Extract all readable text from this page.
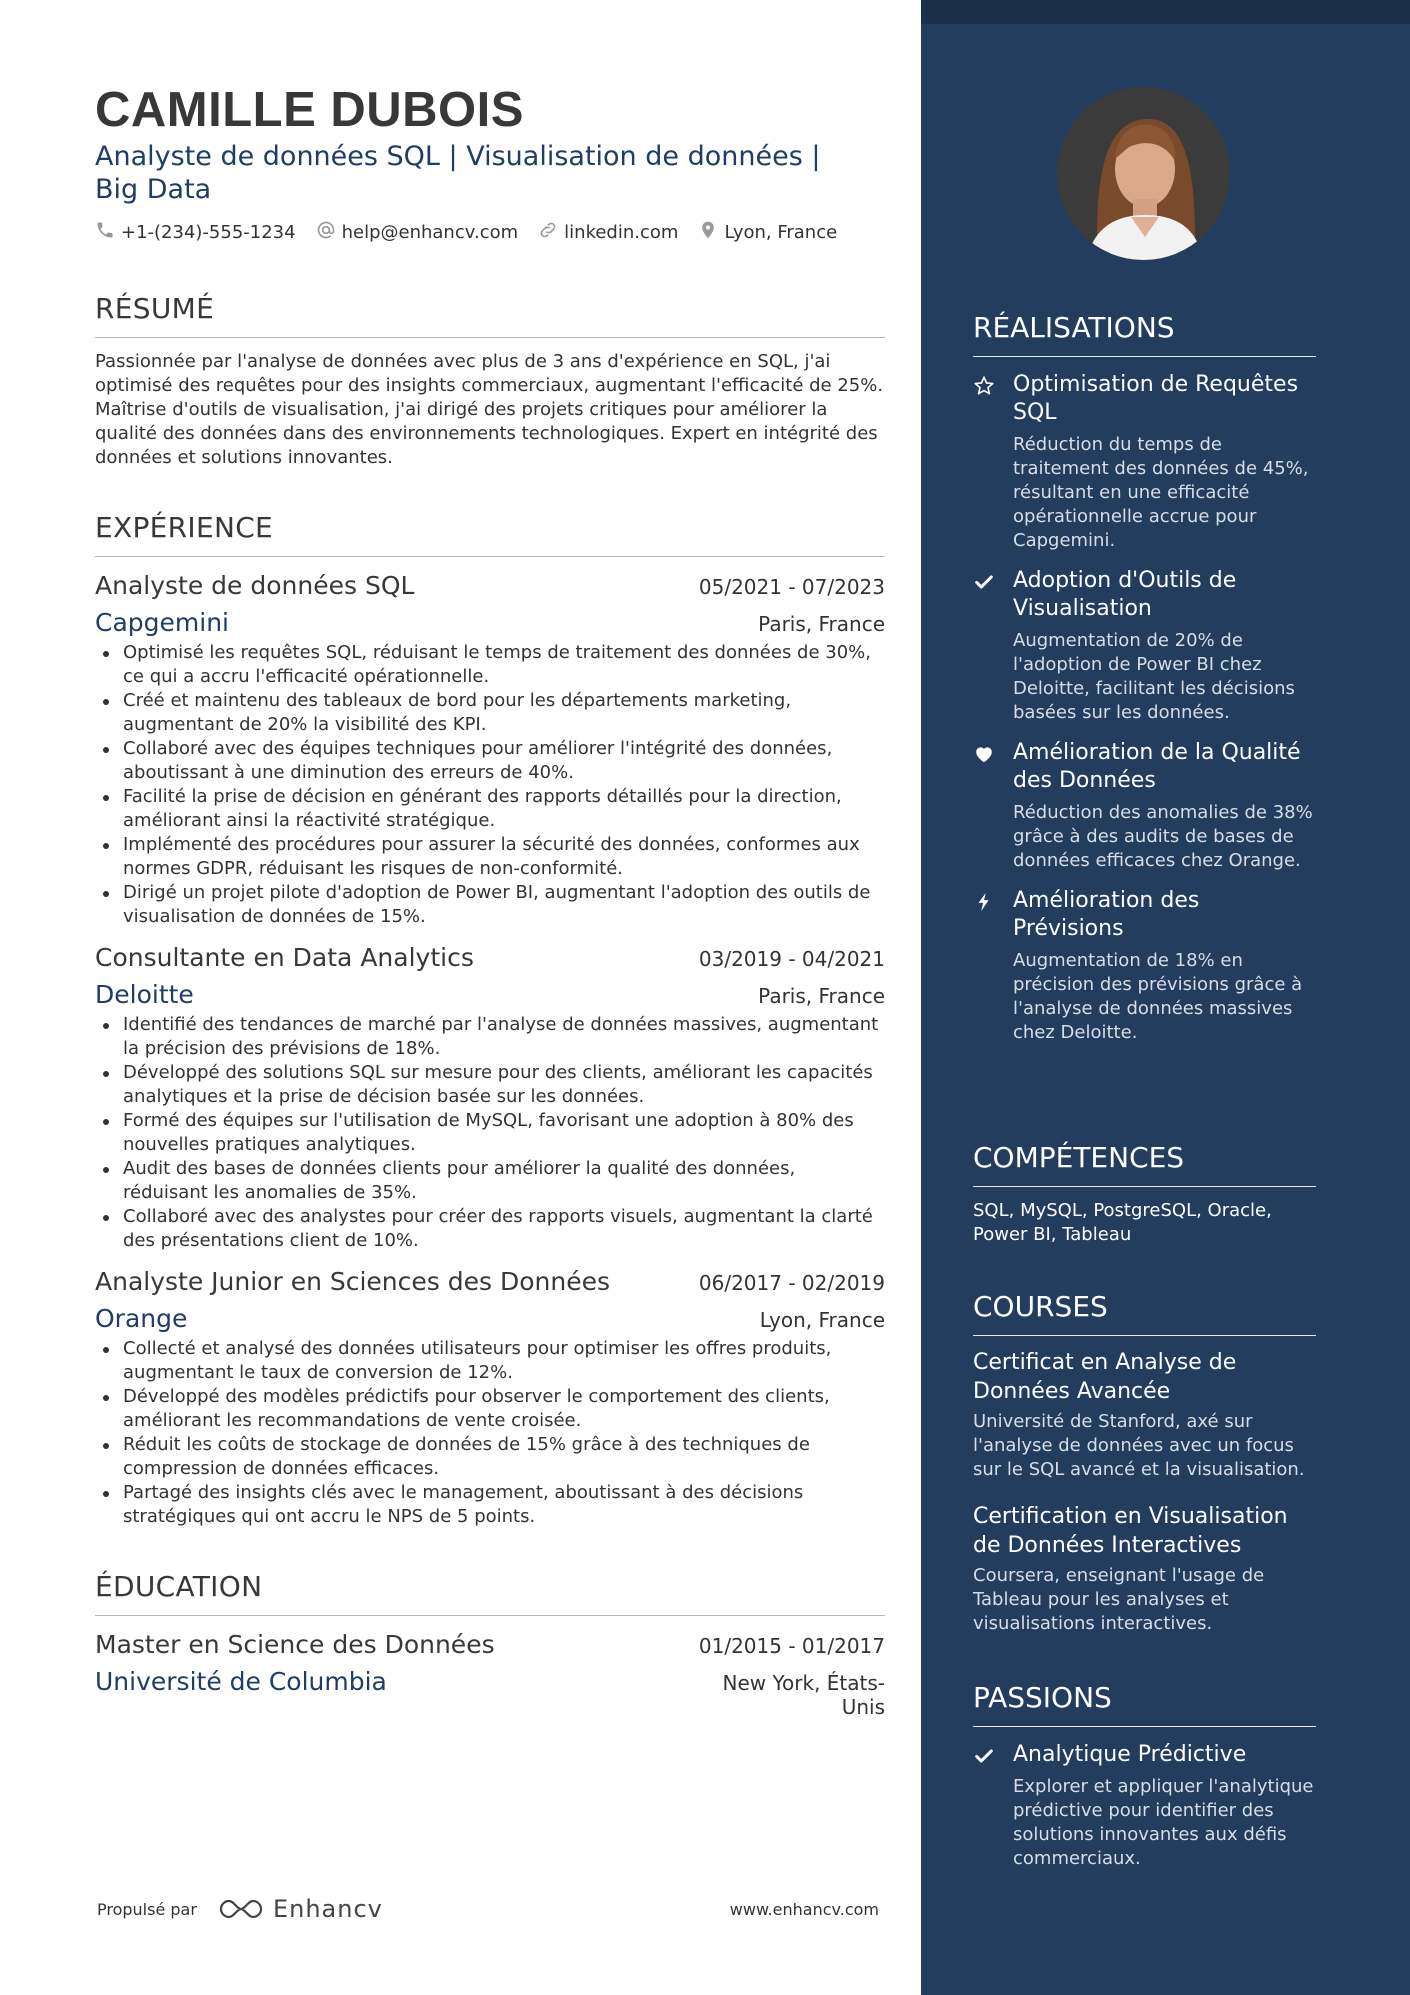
CAMILLE DUBOIS
Analyste de données SQL | Visualisation de données | Big Data
+1-(234)-555-1234	help@enhancv.com	linkedin.com	Lyon, France
RÉSUMÉ
Passionnée par l'analyse de données avec plus de 3 ans d'expérience en SQL, j'ai optimisé des requêtes pour des insights commerciaux, augmentant l'efficacité de 25%. Maîtrise d'outils de visualisation, j'ai dirigé des projets critiques pour améliorer la qualité des données dans des environnements technologiques. Expert en intégrité des données et solutions innovantes.
EXPÉRIENCE
Analyste de données SQL	05/2021 - 07/2023
Capgemini	Paris, France
Optimisé les requêtes SQL, réduisant le temps de traitement des données de 30%, ce qui a accru l'efficacité opérationnelle.
Créé et maintenu des tableaux de bord pour les départements marketing, augmentant de 20% la visibilité des KPI.
Collaboré avec des équipes techniques pour améliorer l'intégrité des données, aboutissant à une diminution des erreurs de 40%.
Facilité la prise de décision en générant des rapports détaillés pour la direction, améliorant ainsi la réactivité stratégique.
Implémenté des procédures pour assurer la sécurité des données, conformes aux normes GDPR, réduisant les risques de non-conformité.
Dirigé un projet pilote d'adoption de Power BI, augmentant l'adoption des outils de visualisation de données de 15%.
Consultante en Data Analytics	03/2019 - 04/2021
Deloitte	Paris, France
Identifié des tendances de marché par l'analyse de données massives, augmentant la précision des prévisions de 18%.
Développé des solutions SQL sur mesure pour des clients, améliorant les capacités analytiques et la prise de décision basée sur les données.
Formé des équipes sur l'utilisation de MySQL, favorisant une adoption à 80% des nouvelles pratiques analytiques.
Audit des bases de données clients pour améliorer la qualité des données, réduisant les anomalies de 35%.
Collaboré avec des analystes pour créer des rapports visuels, augmentant la clarté des présentations client de 10%.
Analyste Junior en Sciences des Données	06/2017 - 02/2019
Orange	Lyon, France
Collecté et analysé des données utilisateurs pour optimiser les offres produits, augmentant le taux de conversion de 12%.
Développé des modèles prédictifs pour observer le comportement des clients, améliorant les recommandations de vente croisée.
Réduit les coûts de stockage de données de 15% grâce à des techniques de compression de données efficaces.
Partagé des insights clés avec le management, aboutissant à des décisions stratégiques qui ont accru le NPS de 5 points.
ÉDUCATION
Master en Science des Données	01/2015 - 01/2017
Université de Columbia	New York, États-
Unis
Propulsé par	Enhancv	www.enhancv.com
RÉALISATIONS
Optimisation de Requêtes SQL
Réduction du temps de traitement des données de 45%, résultant en une efficacité opérationnelle accrue pour Capgemini.
Adoption d'Outils de Visualisation
Augmentation de 20% de l'adoption de Power BI chez Deloitte, facilitant les décisions basées sur les données.
Amélioration de la Qualité des Données
Réduction des anomalies de 38% grâce à des audits de bases de données efficaces chez Orange.
Amélioration des Prévisions
Augmentation de 18% en précision des prévisions grâce à l'analyse de données massives chez Deloitte.
COMPÉTENCES
SQL, MySQL, PostgreSQL, Oracle, Power BI, Tableau
COURSES
Certificat en Analyse de Données Avancée
Université de Stanford, axé sur l'analyse de données avec un focus sur le SQL avancé et la visualisation.
Certification en Visualisation de Données Interactives
Coursera, enseignant l'usage de Tableau pour les analyses et visualisations interactives.
PASSIONS
Analytique Prédictive
Explorer et appliquer l'analytique prédictive pour identifier des solutions innovantes aux défis commerciaux.
